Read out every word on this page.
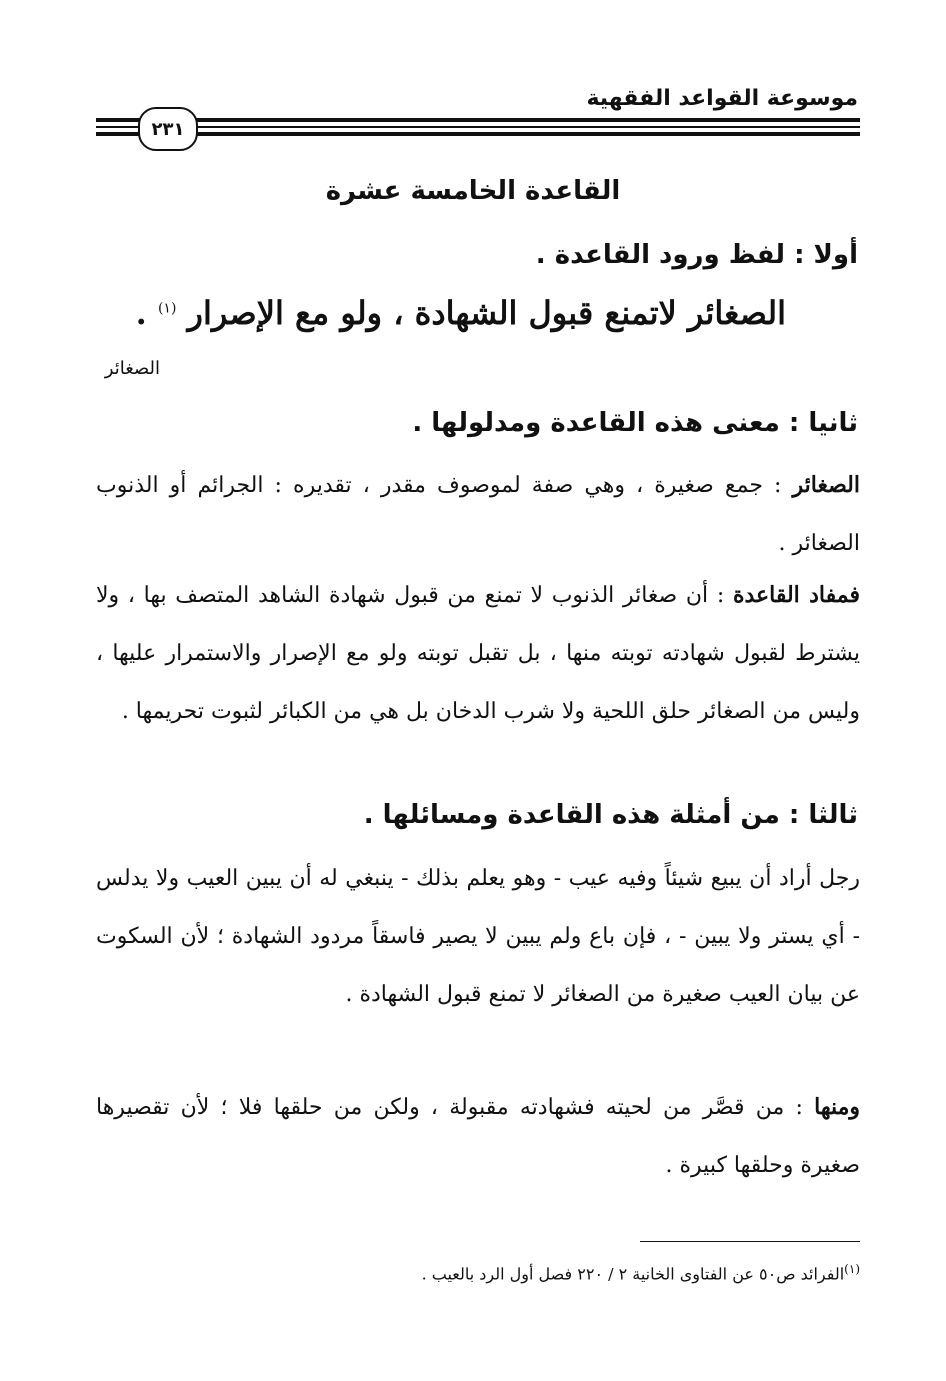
موسوعة القواعد الفقهية
٢٣١
القاعدة الخامسة عشرة
أولا : لفظ ورود القاعدة .
الصغائر لاتمنع قبول الشهادة ، ولو مع الإصرار $^{(١)}$ .
الصغائر
ثانيا : معنى هذه القاعدة ومدلولها .
الصغائر : جمع صغيرة ، وهي صفة لموصوف مقدر ، تقديره : الجرائم أو الذنوب الصغائر .
فمفاد القاعدة : أن صغائر الذنوب لا تمنع من قبول شهادة الشاهد المتصف بها ، ولا يشترط لقبول شهادته توبته منها ، بل تقبل توبته ولو مع الإصرار والاستمرار عليها ، وليس من الصغائر حلق اللحية ولا شرب الدخان بل هي من الكبائر لثبوت تحريمها .
ثالثا : من أمثلة هذه القاعدة ومسائلها .
رجل أراد أن يبيع شيئاً وفيه عيب - وهو يعلم بذلك - ينبغي له أن يبين العيب ولا يدلس - أي يستر ولا يبين - ، فإن باع ولم يبين لا يصير فاسقاً مردود الشهادة ؛ لأن السكوت عن بيان العيب صغيرة من الصغائر لا تمنع قبول الشهادة .
ومنها : من قصَّر من لحيته فشهادته مقبولة ، ولكن من حلقها فلا ؛ لأن تقصيرها صغيرة وحلقها كبيرة .
$^{(١)}$الفرائد ص٥٠ عن الفتاوى الخانية ٢ / ٢٢٠ فصل أول الرد بالعيب .
